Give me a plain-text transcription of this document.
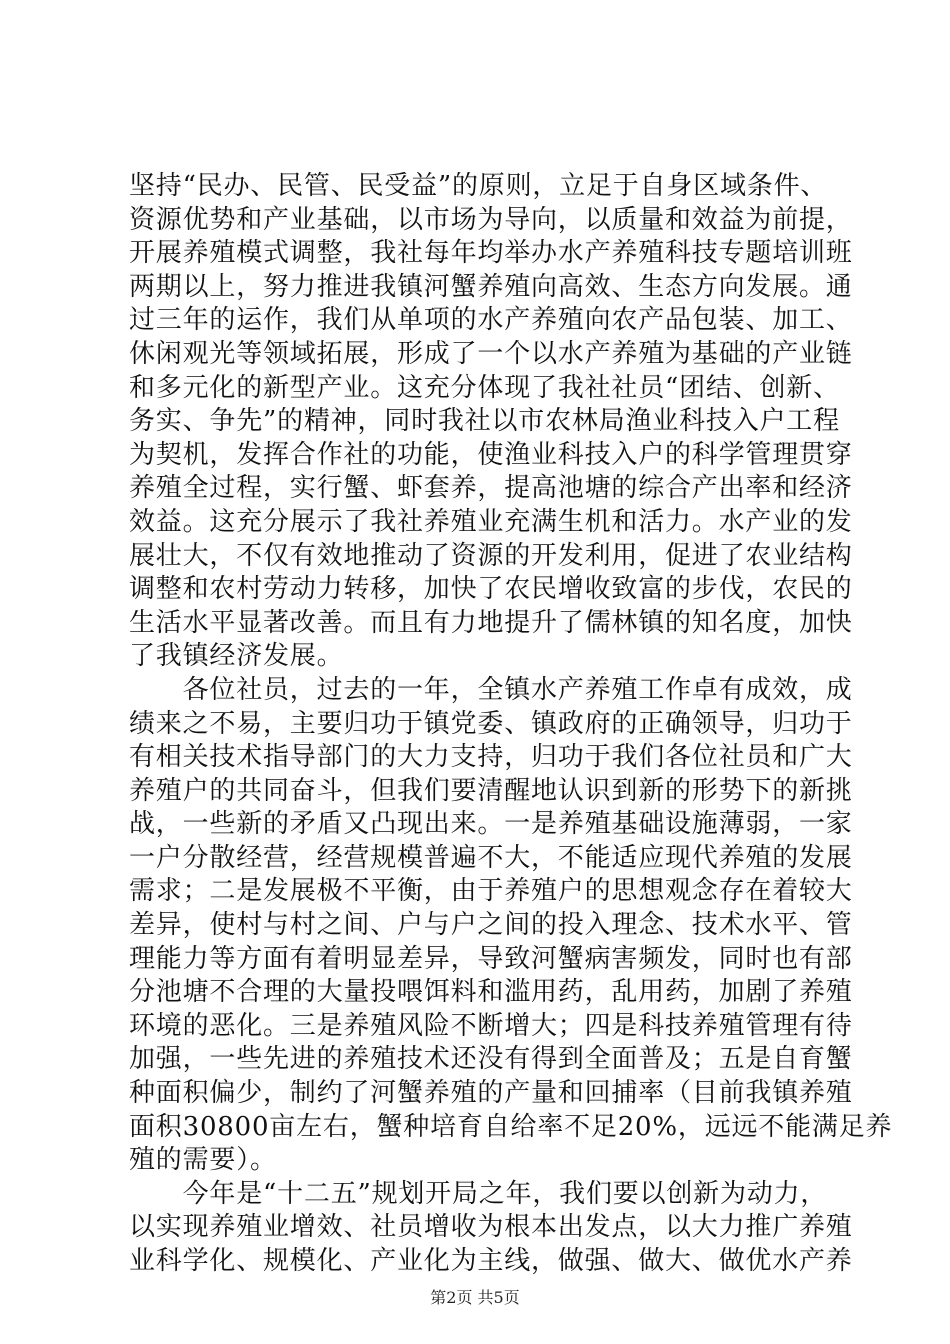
坚持“民办、民管、民受益”的原则，立足于自身区域条件、
资源优势和产业基础，以市场为导向，以质量和效益为前提，
开展养殖模式调整，我社每年均举办水产养殖科技专题培训班
两期以上，努力推进我镇河蟹养殖向高效、生态方向发展。通
过三年的运作，我们从单项的水产养殖向农产品包装、加工、
休闲观光等领域拓展，形成了一个以水产养殖为基础的产业链
和多元化的新型产业。这充分体现了我社社员“团结、创新、
务实、争先”的精神，同时我社以市农林局渔业科技入户工程
为契机，发挥合作社的功能，使渔业科技入户的科学管理贯穿
养殖全过程，实行蟹、虾套养，提高池塘的综合产出率和经济
效益。这充分展示了我社养殖业充满生机和活力。水产业的发
展壮大，不仅有效地推动了资源的开发利用，促进了农业结构
调整和农村劳动力转移，加快了农民增收致富的步伐，农民的
生活水平显著改善。而且有力地提升了儒林镇的知名度，加快
了我镇经济发展。
　　各位社员，过去的一年，全镇水产养殖工作卓有成效，成
绩来之不易，主要归功于镇党委、镇政府的正确领导，归功于
有相关技术指导部门的大力支持，归功于我们各位社员和广大
养殖户的共同奋斗，但我们要清醒地认识到新的形势下的新挑
战，一些新的矛盾又凸现出来。一是养殖基础设施薄弱，一家
一户分散经营，经营规模普遍不大，不能适应现代养殖的发展
需求；二是发展极不平衡，由于养殖户的思想观念存在着较大
差异，使村与村之间、户与户之间的投入理念、技术水平、管
理能力等方面有着明显差异，导致河蟹病害频发，同时也有部
分池塘不合理的大量投喂饵料和滥用药，乱用药，加剧了养殖
环境的恶化。三是养殖风险不断增大；四是科技养殖管理有待
加强，一些先进的养殖技术还没有得到全面普及；五是自育蟹
种面积偏少，制约了河蟹养殖的产量和回捕率（目前我镇养殖
面积30800亩左右，蟹种培育自给率不足20%，远远不能满足养
殖的需要）。
　　今年是“十二五”规划开局之年，我们要以创新为动力，
以实现养殖业增效、社员增收为根本出发点，以大力推广养殖
业科学化、规模化、产业化为主线，做强、做大、做优水产养
第2页 共5页
